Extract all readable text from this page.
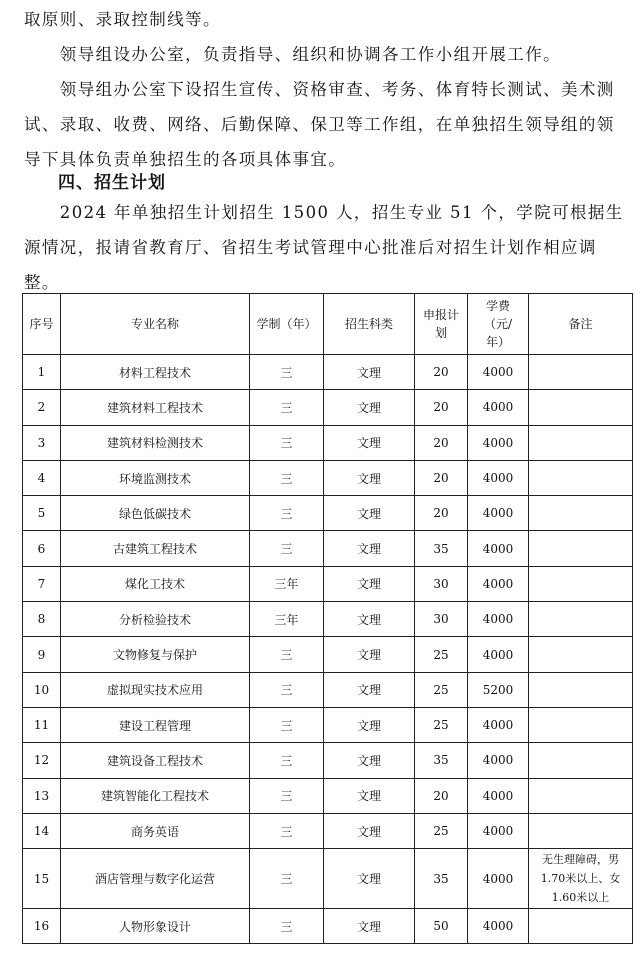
取原则、录取控制线等。

　　领导组设办公室，负责指导、组织和协调各工作小组开展工作。

　　领导组办公室下设招生宣传、资格审查、考务、体育特长测试、美术测试、录取、收费、网络、后勤保障、保卫等工作组，在单独招生领导组的领导下具体负责单独招生的各项具体事宜。

四、招生计划

　　2024 年单独招生计划招生 1500 人，招生专业 51 个，学院可根据生源情况，报请省教育厅、省招生考试管理中心批准后对招生计划作相应调整。

序号	专业名称	学制（年）	招生科类	申报计划	学费（元/年）	备注
1	材料工程技术	三	文理	20	4000	
2	建筑材料工程技术	三	文理	20	4000	
3	建筑材料检测技术	三	文理	20	4000	
4	环境监测技术	三	文理	20	4000	
5	绿色低碳技术	三	文理	20	4000	
6	古建筑工程技术	三	文理	35	4000	
7	煤化工技术	三年	文理	30	4000	
8	分析检验技术	三年	文理	30	4000	
9	文物修复与保护	三	文理	25	4000	
10	虚拟现实技术应用	三	文理	25	5200	
11	建设工程管理	三	文理	25	4000	
12	建筑设备工程技术	三	文理	35	4000	
13	建筑智能化工程技术	三	文理	20	4000	
14	商务英语	三	文理	25	4000	
15	酒店管理与数字化运营	三	文理	35	4000	无生理障碍，男1.70米以上、女1.60米以上
16	人物形象设计	三	文理	50	4000	
